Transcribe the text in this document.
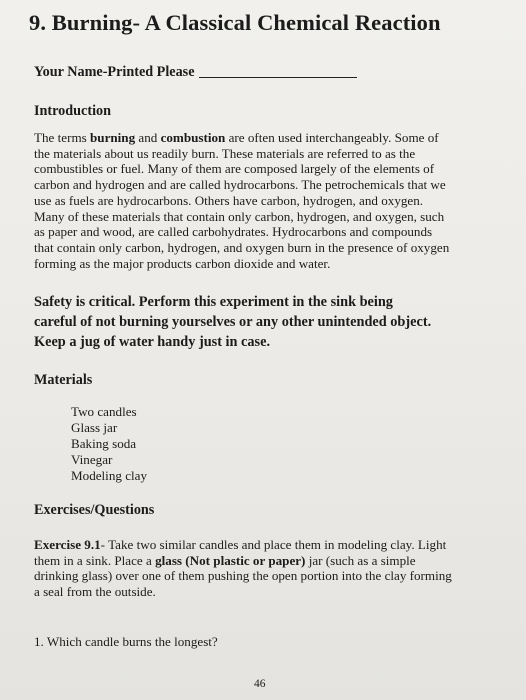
9. Burning- A Classical Chemical Reaction
Your Name-Printed Please
Introduction

The terms burning and combustion are often used interchangeably. Some of

the materials about us readily burn. These materials are referred to as the

combustibles or fuel. Many of them are composed largely of the elements of

carbon and hydrogen and are called hydrocarbons. The petrochemicals that we

use as fuels are hydrocarbons. Others have carbon, hydrogen, and oxygen.

Many of these materials that contain only carbon, hydrogen, and oxygen, such

as paper and wood, are called carbohydrates. Hydrocarbons and compounds

that contain only carbon, hydrogen, and oxygen burn in the presence of oxygen

forming as the major products carbon dioxide and water.

Safety is critical. Perform this experiment in the sink being

careful of not burning yourselves or any other unintended object.

Keep a jug of water handy just in case.

Materials
Two candles
Glass jar
Baking soda
Vinegar
Modeling clay
Exercises/Questions

Exercise 9.1- Take two similar candles and place them in modeling clay. Light

them in a sink. Place a glass (Not plastic or paper) jar (such as a simple

drinking glass) over one of them pushing the open portion into the clay forming

a seal from the outside.

1. Which candle burns the longest?
46
